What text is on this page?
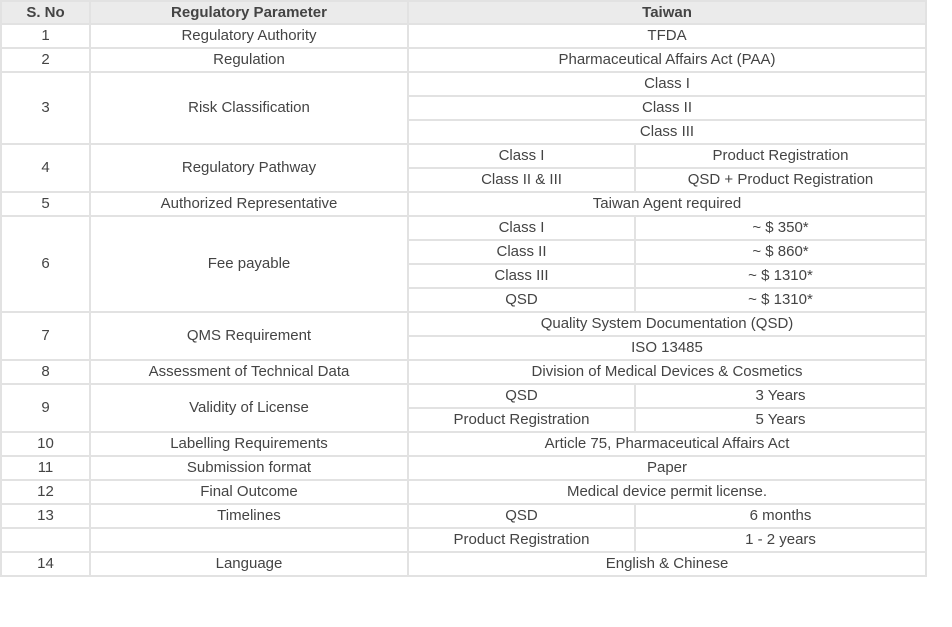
S. No	Regulatory Parameter	Taiwan	
1	Regulatory Authority	TFDA	
2	Regulation	Pharmaceutical Affairs Act (PAA)	
3	Risk Classification	Class I	
		Class II	
		Class III	
4	Regulatory Pathway	Class I	Product Registration
		Class II & III	QSD + Product Registration
5	Authorized Representative	Taiwan Agent required	
6	Fee payable	Class I	~ $ 350*
		Class II	~ $ 860*
		Class III	~ $ 1310*
		QSD	~ $ 1310*
7	QMS Requirement	Quality System Documentation (QSD)	
		ISO 13485	
8	Assessment of Technical Data	Division of Medical Devices & Cosmetics	
9	Validity of License	QSD	3 Years
		Product Registration	5 Years
10	Labelling Requirements	Article 75, Pharmaceutical Affairs Act	
11	Submission format	Paper	
12	Final Outcome	Medical device permit license.	
13	Timelines	QSD	6 months
		Product Registration	1 - 2 years
14	Language	English & Chinese	
